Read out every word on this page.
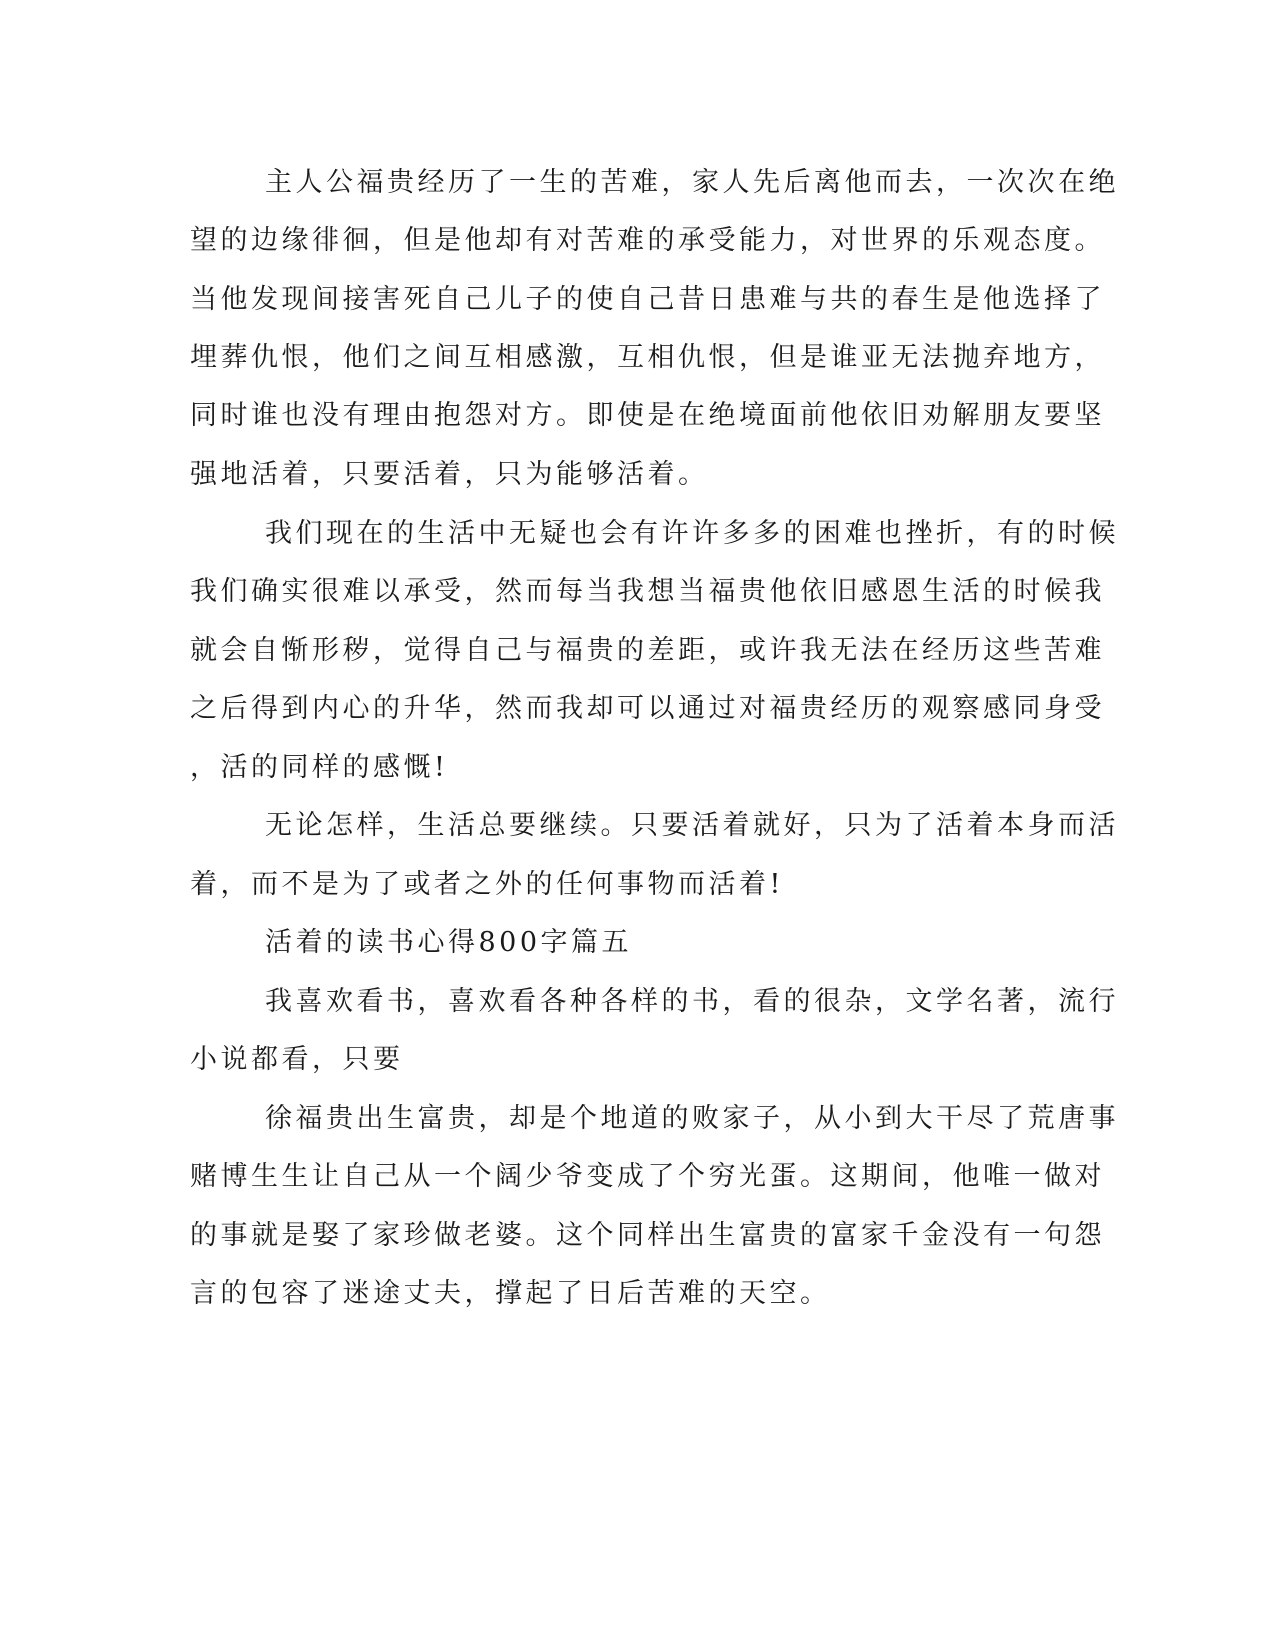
主人公福贵经历了一生的苦难，家人先后离他而去，一次次在绝
望的边缘徘徊，但是他却有对苦难的承受能力，对世界的乐观态度。
当他发现间接害死自己儿子的使自己昔日患难与共的春生是他选择了
埋葬仇恨，他们之间互相感激，互相仇恨，但是谁亚无法抛弃地方，
同时谁也没有理由抱怨对方。即使是在绝境面前他依旧劝解朋友要坚
强地活着，只要活着，只为能够活着。
我们现在的生活中无疑也会有许许多多的困难也挫折，有的时候
我们确实很难以承受，然而每当我想当福贵他依旧感恩生活的时候我
就会自惭形秽，觉得自己与福贵的差距，或许我无法在经历这些苦难
之后得到内心的升华，然而我却可以通过对福贵经历的观察感同身受
，活的同样的感慨!
无论怎样，生活总要继续。只要活着就好，只为了活着本身而活
着，而不是为了或者之外的任何事物而活着!
活着的读书心得800字篇五
我喜欢看书，喜欢看各种各样的书，看的很杂，文学名著，流行
小说都看，只要
徐福贵出生富贵，却是个地道的败家子，从小到大干尽了荒唐事
赌博生生让自己从一个阔少爷变成了个穷光蛋。这期间，他唯一做对
的事就是娶了家珍做老婆。这个同样出生富贵的富家千金没有一句怨
言的包容了迷途丈夫，撑起了日后苦难的天空。
